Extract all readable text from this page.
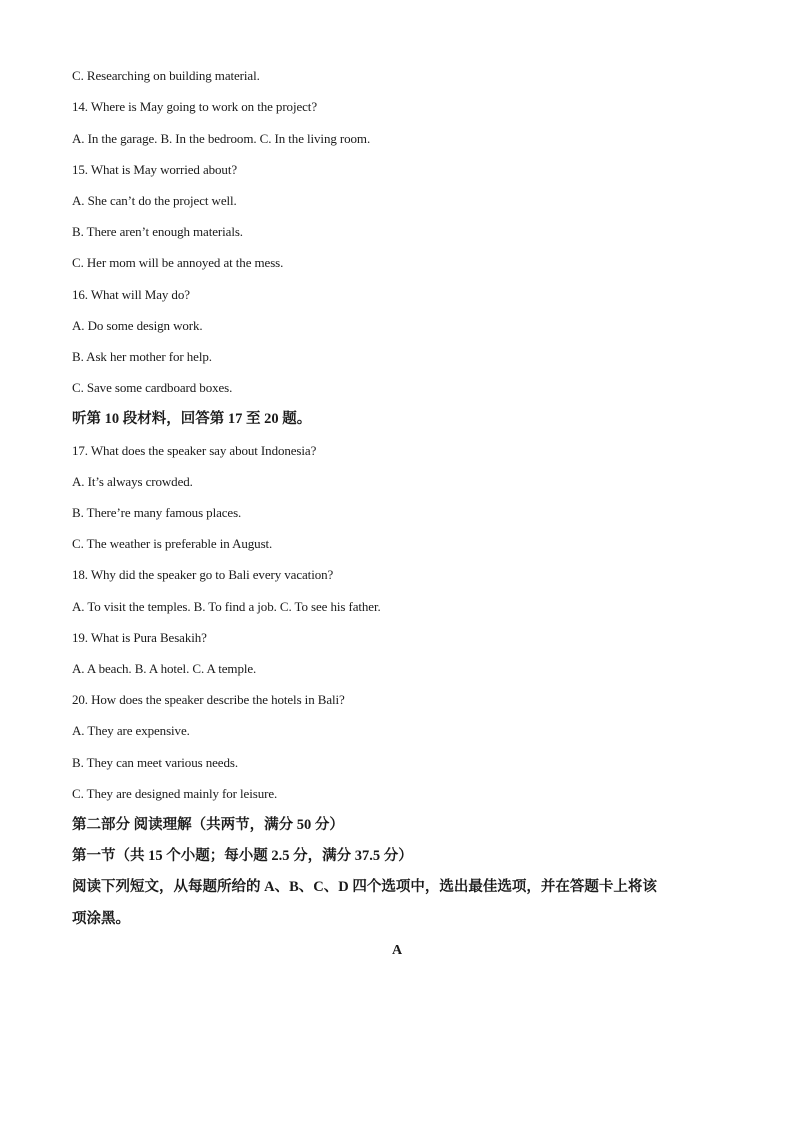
C. Researching on building material.
14. Where is May going to work on the project?
A. In the garage. B. In the bedroom. C. In the living room.
15. What is May worried about?
A. She can’t do the project well.
B. There aren’t enough materials.
C. Her mom will be annoyed at the mess.
16. What will May do?
A. Do some design work.
B. Ask her mother for help.
C. Save some cardboard boxes.
听第 10 段材料，回答第 17 至 20 题。
17. What does the speaker say about Indonesia?
A. It’s always crowded.
B. There’re many famous places.
C. The weather is preferable in August.
18. Why did the speaker go to Bali every vacation?
A. To visit the temples. B. To find a job. C. To see his father.
19. What is Pura Besakih?
A. A beach. B. A hotel. C. A temple.
20. How does the speaker describe the hotels in Bali?
A. They are expensive.
B. They can meet various needs.
C. They are designed mainly for leisure.
第二部分 阅读理解（共两节，满分 50 分）
第一节（共 15 个小题；每小题 2.5 分，满分 37.5 分）
阅读下列短文，从每题所给的 A、B、C、D 四个选项中，选出最佳选项，并在答题卡上将该
项涂黑。
A
